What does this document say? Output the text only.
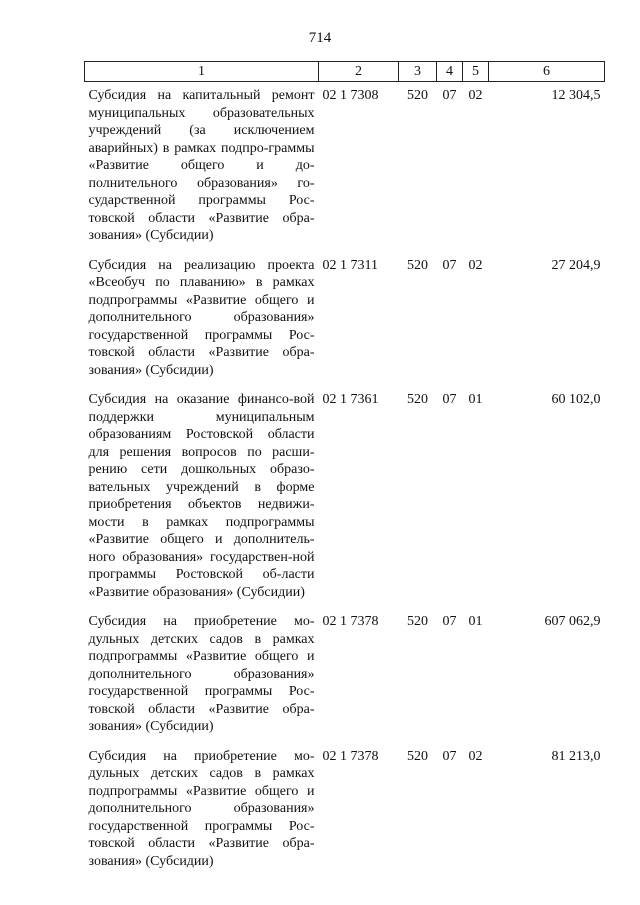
714
1	2	3	4	5	6
Субсидия на капитальный ремонт муниципальных образовательных учреждений (за исключением аварийных) в рамках подпро-граммы «Развитие общего и до-полнительного образования» го-сударственной программы Рос-товской области «Развитие обра-зования» (Субсидии)	02 1 7308	520	07	02	12 304,5
Субсидия на реализацию проекта «Всеобуч по плаванию» в рамках подпрограммы «Развитие общего и дополнительного образования» государственной программы Рос-товской области «Развитие обра-зования» (Субсидии)	02 1 7311	520	07	02	27 204,9
Субсидия на оказание финансо-вой поддержки муниципальным образованиям Ростовской области для решения вопросов по расши-рению сети дошкольных образо-вательных учреждений в форме приобретения объектов недвижи-мости в рамках подпрограммы «Развитие общего и дополнитель-ного образования» государствен-ной программы Ростовской об-ласти «Развитие образования» (Субсидии)	02 1 7361	520	07	01	60 102,0
Субсидия на приобретение мо-дульных детских садов в рамках подпрограммы «Развитие общего и дополнительного образования» государственной программы Рос-товской области «Развитие обра-зования» (Субсидии)	02 1 7378	520	07	01	607 062,9
Субсидия на приобретение мо-дульных детских садов в рамках подпрограммы «Развитие общего и дополнительного образования» государственной программы Рос-товской области «Развитие обра-зования» (Субсидии)	02 1 7378	520	07	02	81 213,0
